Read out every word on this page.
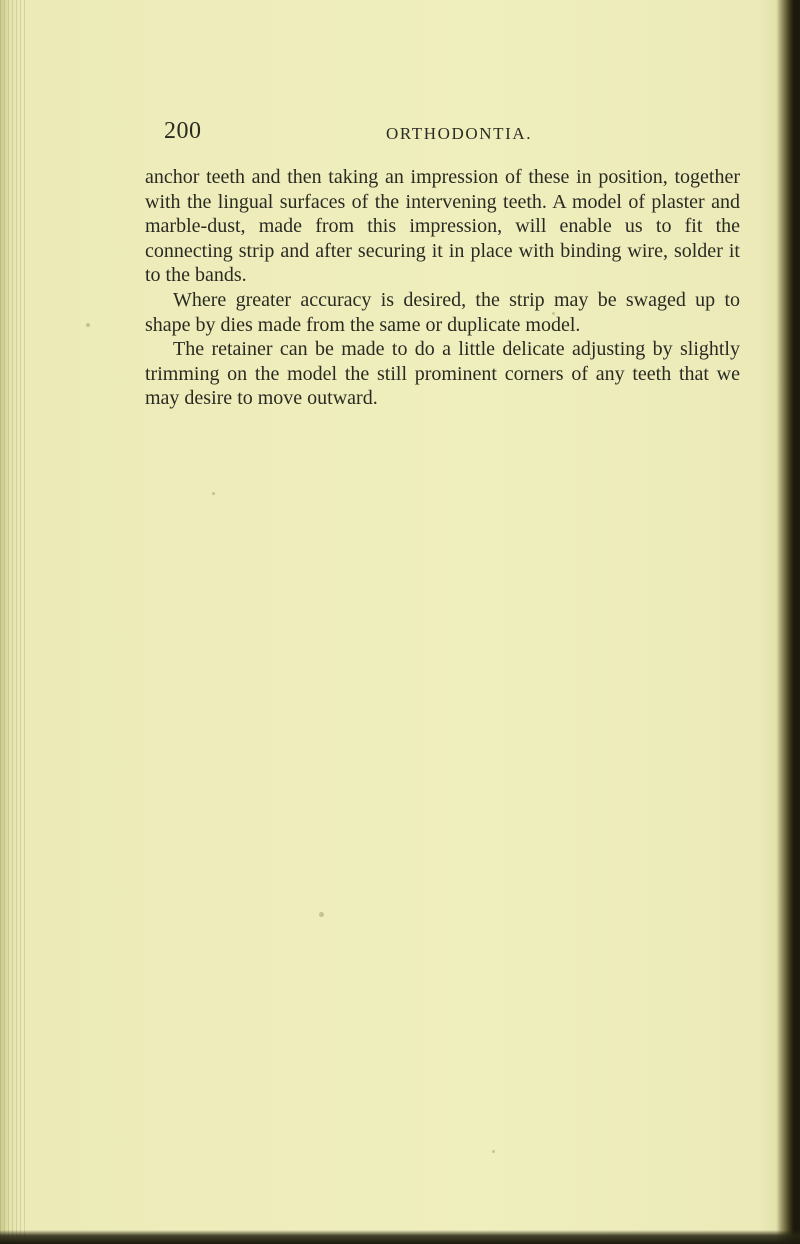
200	ORTHODONTIA.

anchor teeth and then taking an impression of these in position, together with the lingual surfaces of the intervening teeth. A model of plaster and marble-dust, made from this impression, will enable us to fit the connecting strip and after securing it in place with binding wire, solder it to the bands.

Where greater accuracy is desired, the strip may be swaged up to shape by dies made from the same or duplicate model.

The retainer can be made to do a little delicate adjusting by slightly trimming on the model the still prominent corners of any teeth that we may desire to move outward.
